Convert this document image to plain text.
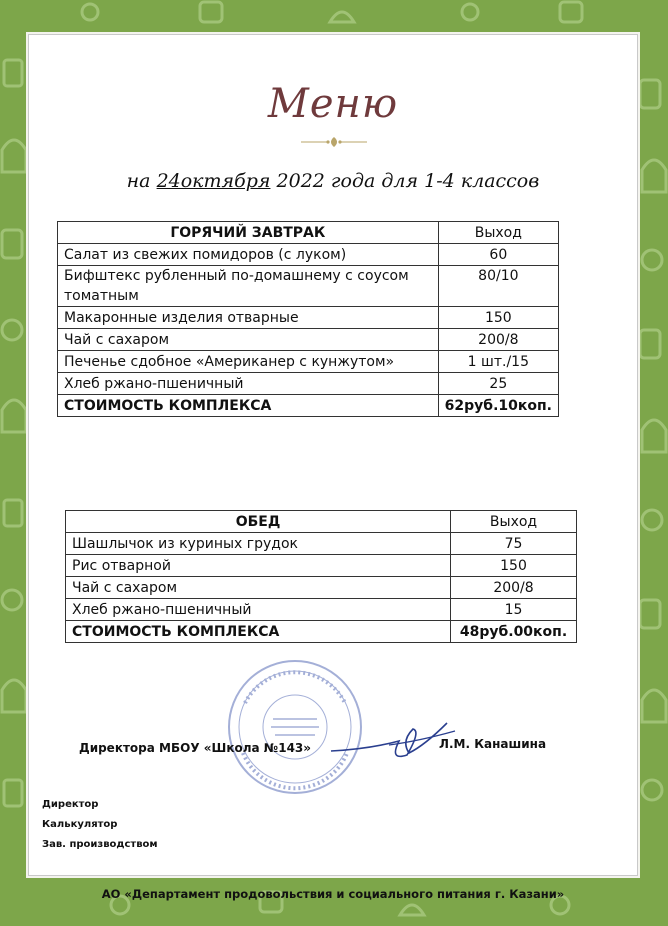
Меню
на 24октября 2022 года для 1-4 классов
ГОРЯЧИЙ ЗАВТРАК	Выход
Салат из свежих помидоров (с луком)	60
Бифштекс рубленный по-домашнему с соусом томатным	80/10
Макаронные изделия отварные	150
Чай с сахаром	200/8
Печенье сдобное «Американер с кунжутом»	1 шт./15
Хлеб ржано-пшеничный	25
СТОИМОСТЬ КОМПЛЕКСА	62руб.10коп.
ОБЕД	Выход
Шашлычок из куриных грудок	75
Рис отварной	150
Чай с сахаром	200/8
Хлеб ржано-пшеничный	15
СТОИМОСТЬ КОМПЛЕКСА	48руб.00коп.
Директора МБОУ «Школа №143»	Л.М. Канашина
Директор
Калькулятор
Зав. производством
АО «Департамент продовольствия и социального питания г. Казани»
